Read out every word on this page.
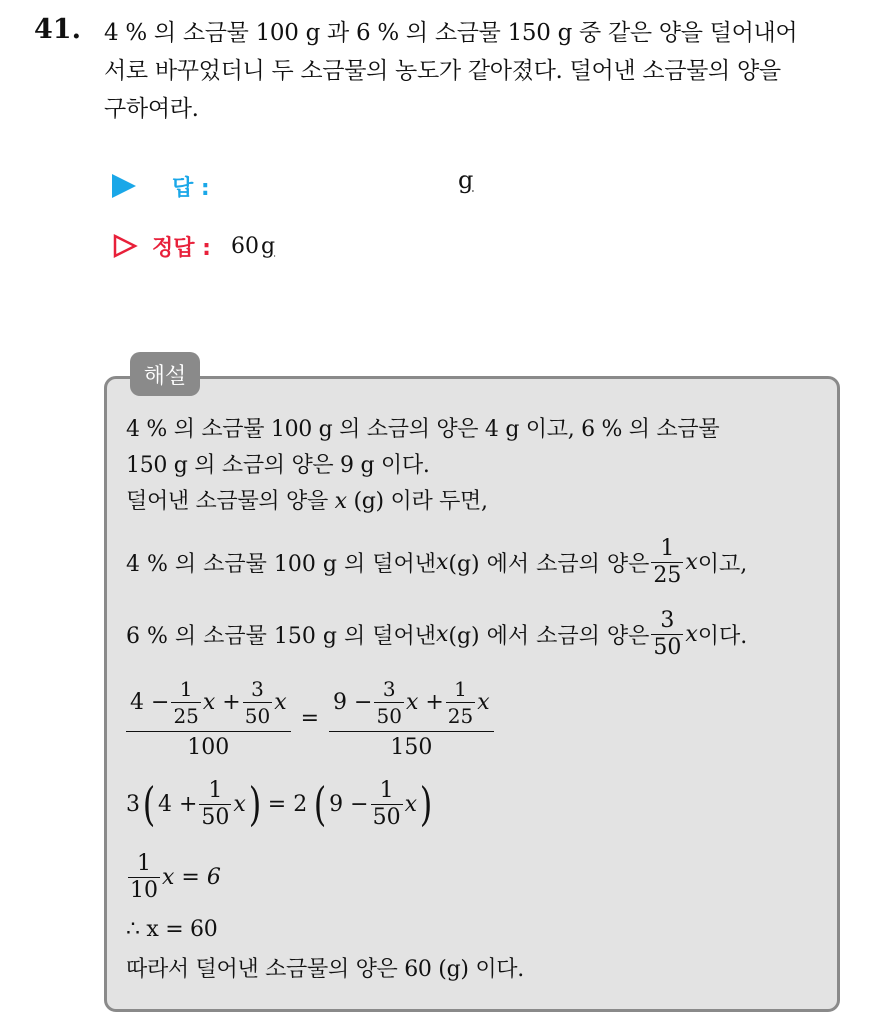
41. 4 % 의 소금물 100 g 과 6 % 의 소금물 150 g 중 같은 양을 덜어내어
서로 바꾸었더니 두 소금물의 농도가 같아졌다. 덜어낸 소금물의 양을
구하여라.
답 :	g
정답 : 60g
해설
4 % 의 소금물 100 g 의 소금의 양은 4 g 이고, 6 % 의 소금물
150 g 의 소금의 양은 9 g 이다.
덜어낸 소금물의 양을 x (g) 이라 두면,
4 % 의 소금물 100 g 의 덜어낸 x (g) 에서 소금의 양은 $\frac{1}{25}$ x 이고,
6 % 의 소금물 150 g 의 덜어낸 x (g) 에서 소금의 양은 $\frac{3}{50}$ x 이다.
$\frac{4 - \frac{1}{25} x + \frac{3}{50} x}{100} = \frac{9 - \frac{3}{50} x + \frac{1}{25} x}{150}$
3 ( $4 + \frac{1}{50}$ x ) = 2 ( $9 - \frac{1}{50}$ x )
$\frac{1}{10}$ x = 6
∴ x = 60
따라서 덜어낸 소금물의 양은 60 (g) 이다.
